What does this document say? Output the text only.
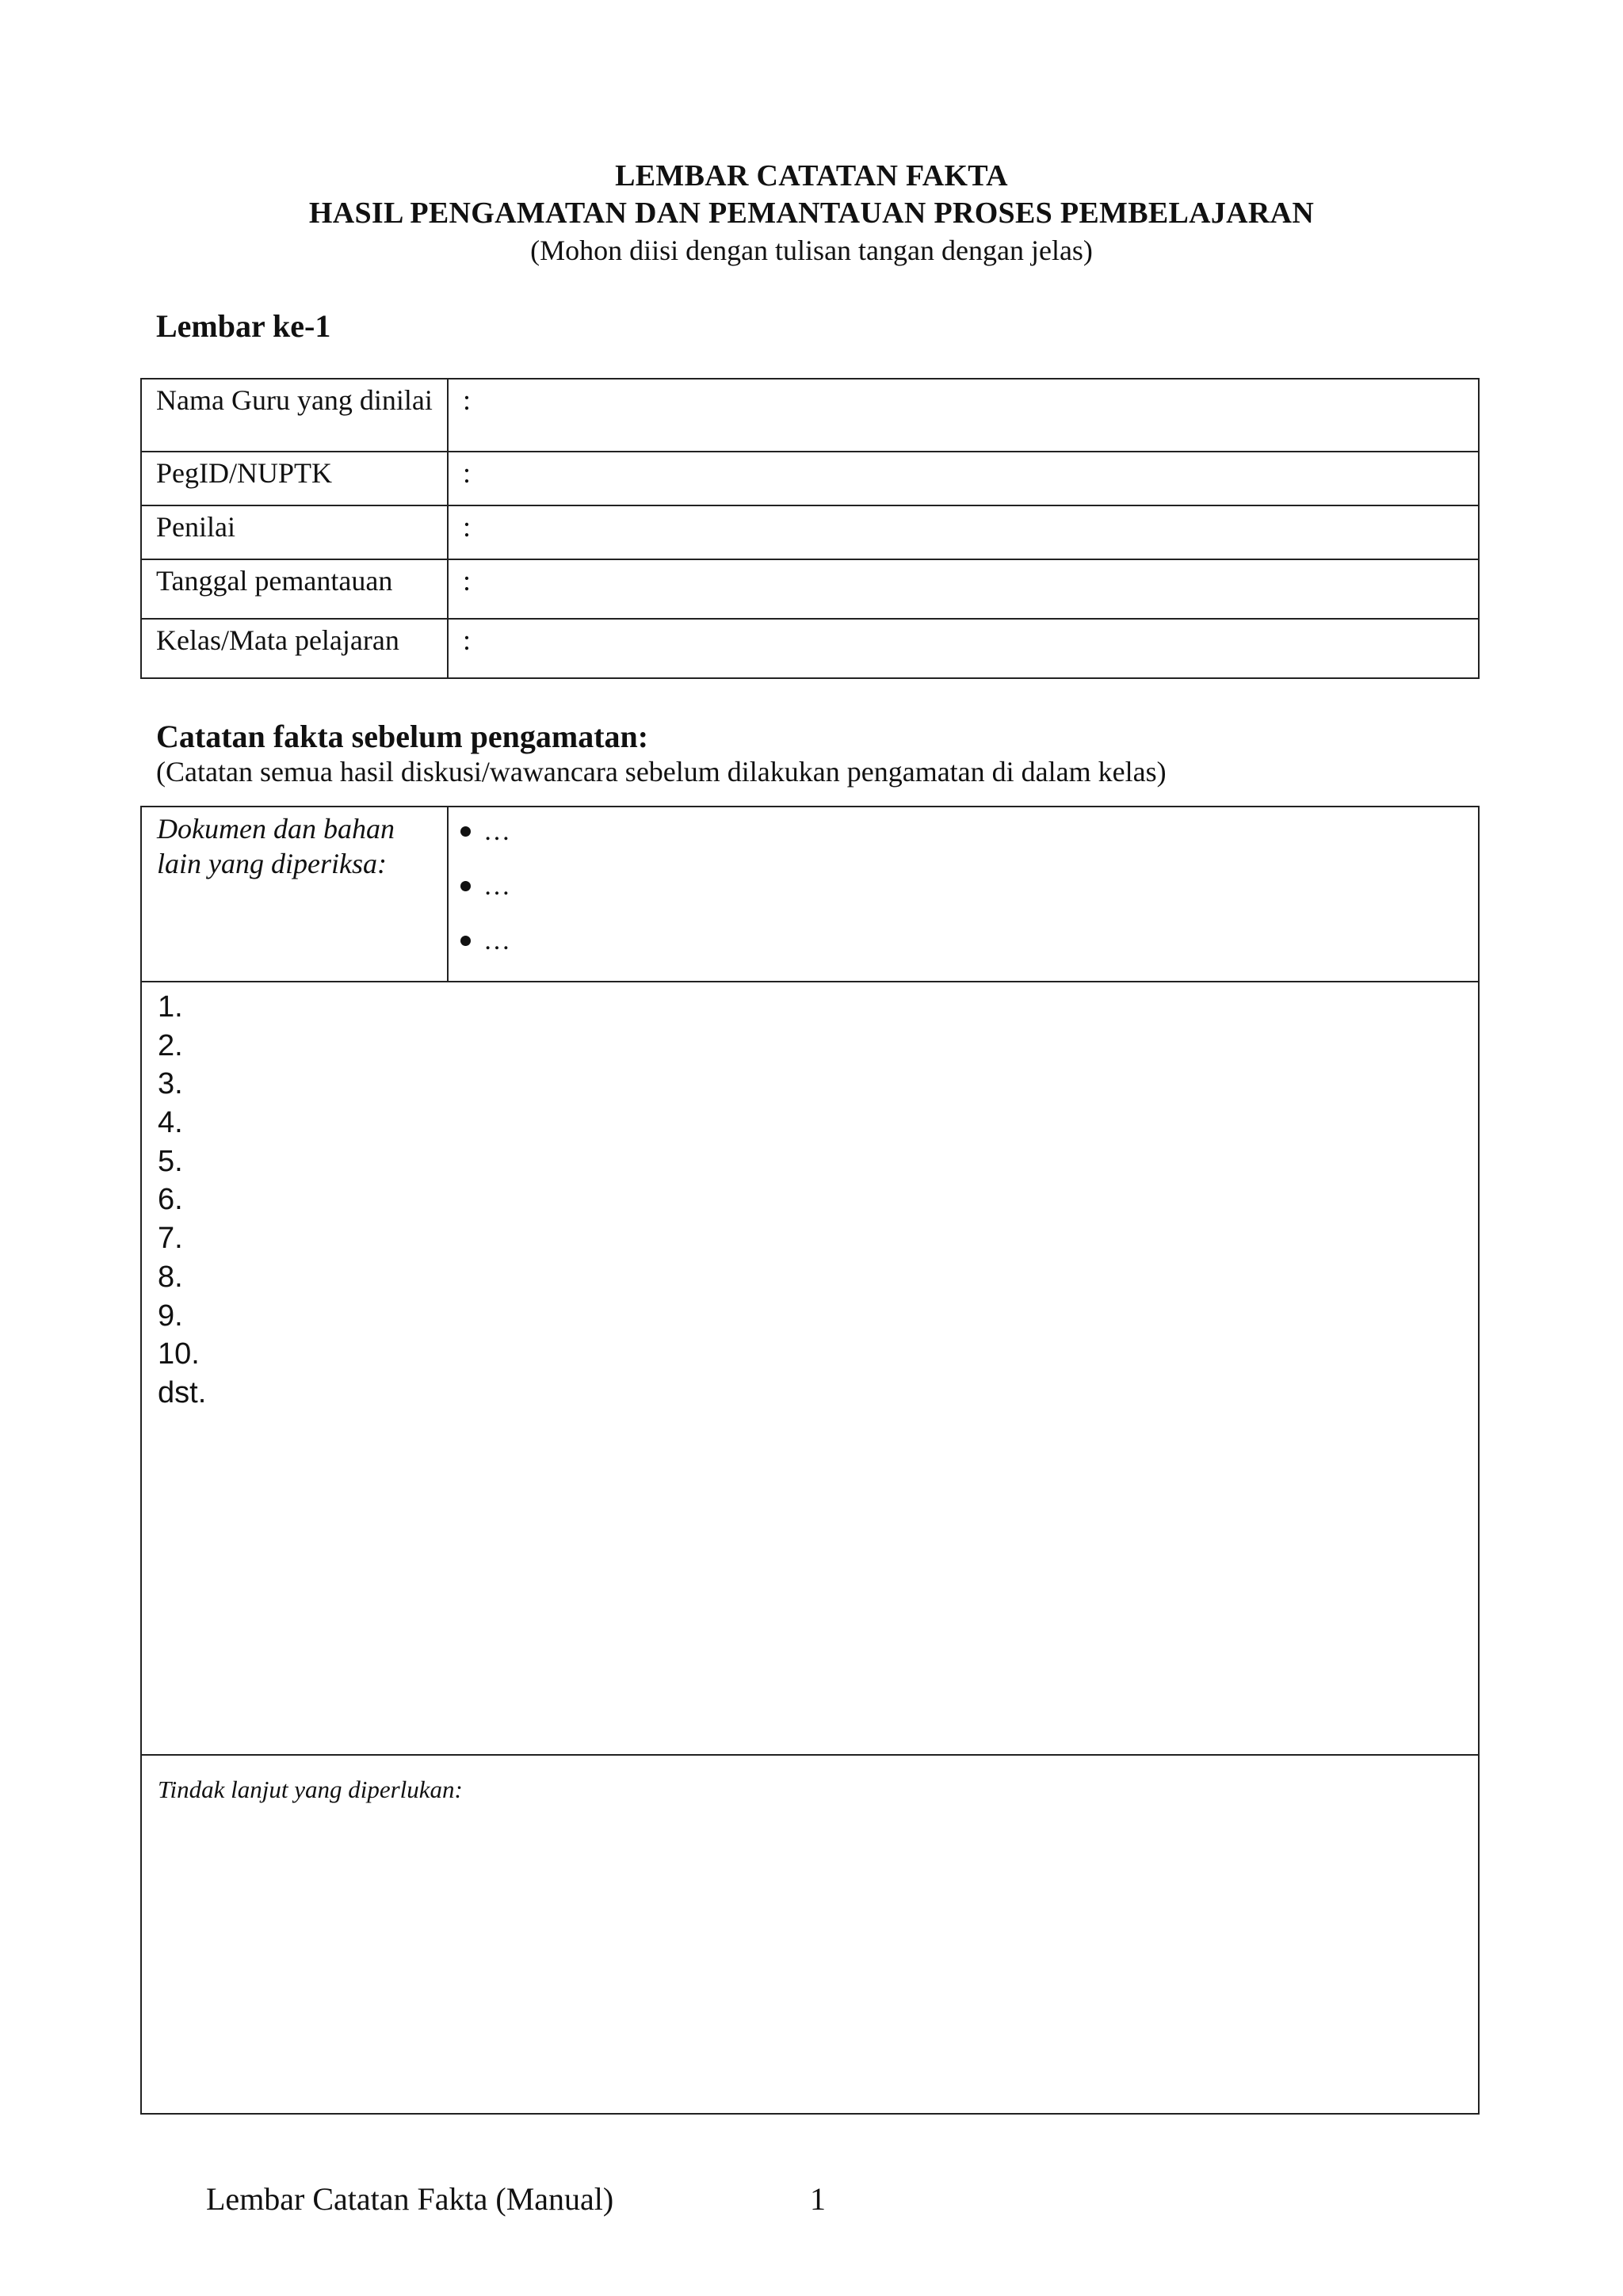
LEMBAR CATATAN FAKTA
HASIL PENGAMATAN DAN PEMANTAUAN PROSES PEMBELAJARAN
(Mohon diisi dengan tulisan tangan dengan jelas)
Lembar ke-1
Nama Guru yang dinilai	:
PegID/NUPTK	:
Penilai	:
Tanggal pemantauan	:
Kelas/Mata pelajaran	:
Catatan fakta sebelum pengamatan:
(Catatan semua hasil diskusi/wawancara sebelum dilakukan pengamatan di dalam kelas)
Dokumen dan bahan lain yang diperiksa:

…
…
…

1.
2.
3.
4.
5.
6.
7.
8.
9.
10.
dst.

Tindak lanjut yang diperlukan:
Lembar Catatan Fakta (Manual)	1
